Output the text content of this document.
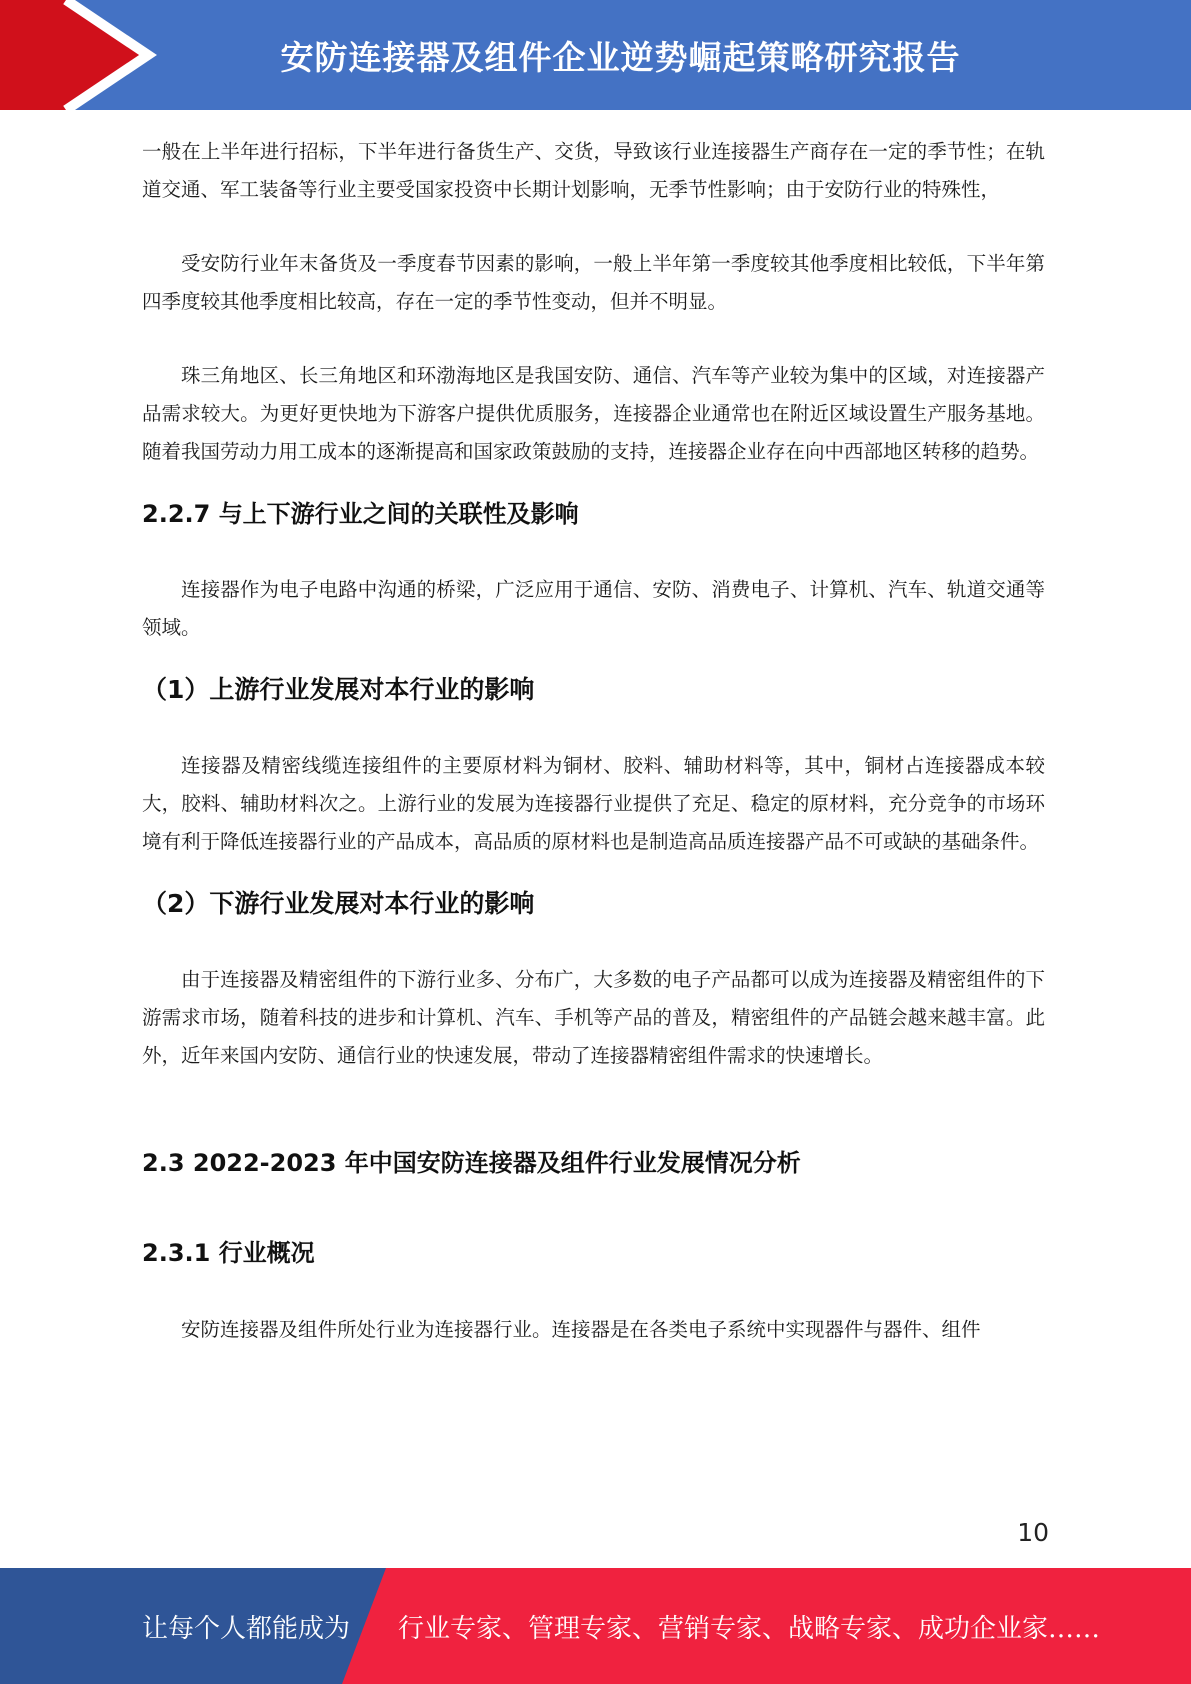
安防连接器及组件企业逆势崛起策略研究报告

一般在上半年进行招标，下半年进行备货生产、交货，导致该行业连接器生产商存在一定的季节性；在轨道交通、军工装备等行业主要受国家投资中长期计划影响，无季节性影响；由于安防行业的特殊性，

受安防行业年末备货及一季度春节因素的影响，一般上半年第一季度较其他季度相比较低，下半年第四季度较其他季度相比较高，存在一定的季节性变动，但并不明显。

珠三角地区、长三角地区和环渤海地区是我国安防、通信、汽车等产业较为集中的区域，对连接器产品需求较大。为更好更快地为下游客户提供优质服务，连接器企业通常也在附近区域设置生产服务基地。随着我国劳动力用工成本的逐渐提高和国家政策鼓励的支持，连接器企业存在向中西部地区转移的趋势。

2.2.7 与上下游行业之间的关联性及影响

连接器作为电子电路中沟通的桥梁，广泛应用于通信、安防、消费电子、计算机、汽车、轨道交通等领域。

（1）上游行业发展对本行业的影响

连接器及精密线缆连接组件的主要原材料为铜材、胶料、辅助材料等，其中，铜材占连接器成本较大，胶料、辅助材料次之。上游行业的发展为连接器行业提供了充足、稳定的原材料，充分竞争的市场环境有利于降低连接器行业的产品成本，高品质的原材料也是制造高品质连接器产品不可或缺的基础条件。

（2）下游行业发展对本行业的影响

由于连接器及精密组件的下游行业多、分布广，大多数的电子产品都可以成为连接器及精密组件的下游需求市场，随着科技的进步和计算机、汽车、手机等产品的普及，精密组件的产品链会越来越丰富。此外，近年来国内安防、通信行业的快速发展，带动了连接器精密组件需求的快速增长。

2.3 2022-2023 年中国安防连接器及组件行业发展情况分析
2.3.1 行业概况

安防连接器及组件所处行业为连接器行业。连接器是在各类电子系统中实现器件与器件、组件

10
让每个人都能成为 行业专家、管理专家、营销专家、战略专家、成功企业家……
